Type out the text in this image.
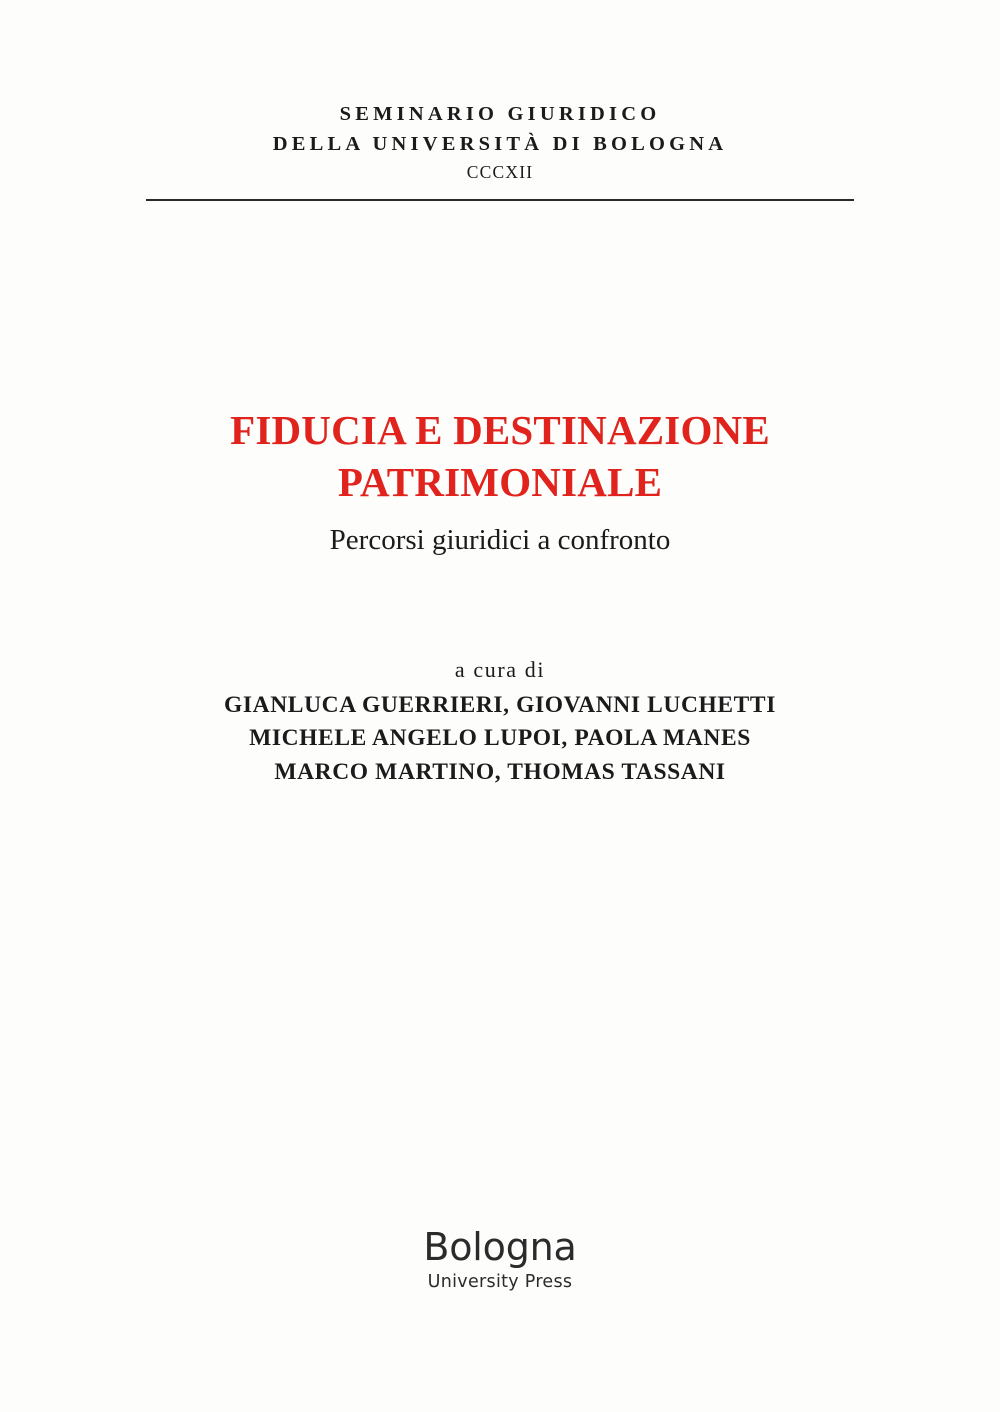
SEMINARIO GIURIDICO

DELLA UNIVERSITÀ DI BOLOGNA

CCCXII

FIDUCIA E DESTINAZIONE
PATRIMONIALE

Percorsi giuridici a confronto

a cura di

GIANLUCA GUERRIERI, GIOVANNI LUCHETTI

MICHELE ANGELO LUPOI, PAOLA MANES

MARCO MARTINO, THOMAS TASSANI

Bologna

University Press
